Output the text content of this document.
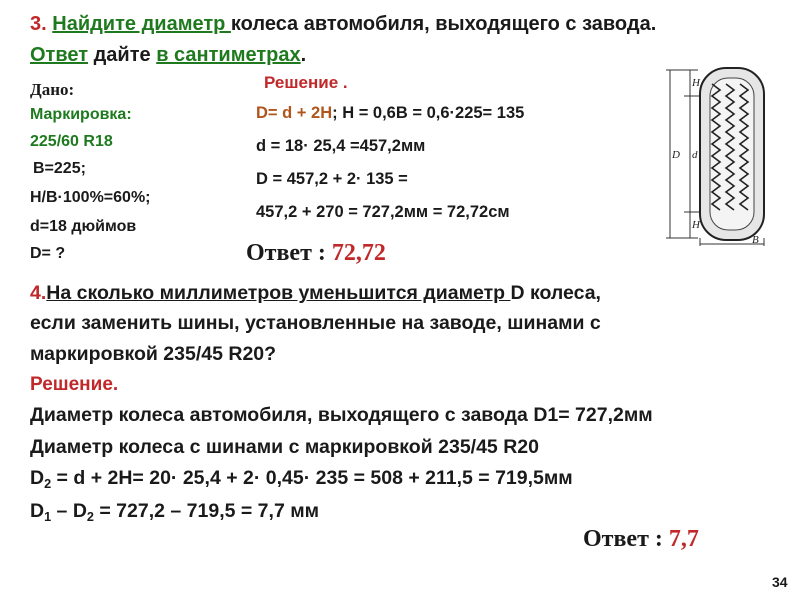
3. Найдите диаметр колеса автомобиля, выходящего с завода.
Ответ дайте в сантиметрах.
Дано:
Маркировка:
225/60 R18
B=225;
H/B·100%=60%;
d=18 дюймов
D= ?
Решение .
D= d + 2H; H = 0,6B = 0,6·225= 135
d = 18· 25,4 =457,2мм
D = 457,2 + 2· 135 =
457,2 + 270 = 727,2мм = 72,72см
Ответ : 72,72
H
d
D
H
B
4.На сколько миллиметров уменьшится диаметр D колеса,
если заменить шины, установленные на заводе, шинами с
маркировкой 235/45 R20?
Решение.
Диаметр колеса автомобиля, выходящего с завода D1= 727,2мм
Диаметр колеса с шинами с маркировкой 235/45 R20
$D_2 = d + 2H= 20\cdot 25,4 + 2\cdot 0,45\cdot 235 = 508 + 211,5 = 719,5мм$
$D_1 - D_2 = 727,2 - 719,5 = 7,7$ мм
Ответ : 7,7
34
